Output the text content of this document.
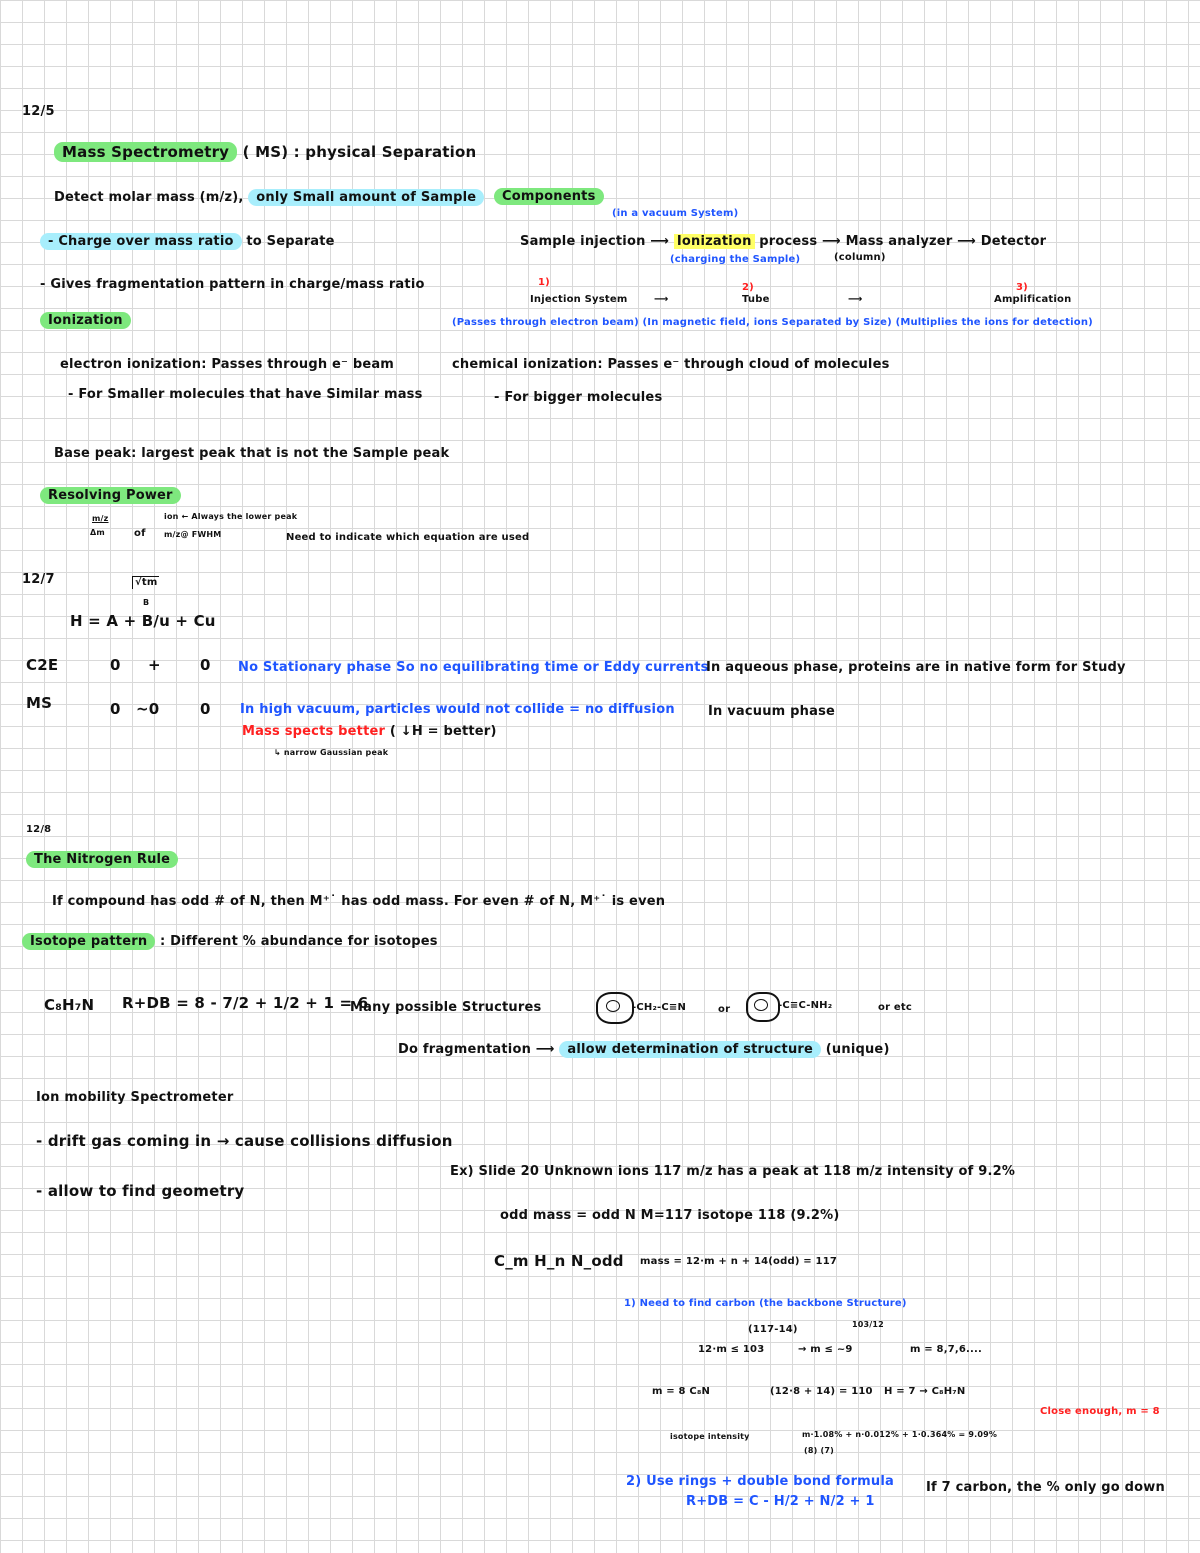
12/5
Mass Spectrometry ( MS) : physical Separation
Detect molar mass (m/z), only Small amount of Sample
- Charge over mass ratio to Separate
- Gives fragmentation pattern in charge/mass ratio
Ionization
electron ionization: Passes through e⁻ beam
- For Smaller molecules that have Similar mass
Components
(in a vacuum System)
Sample injection ⟶ Ionization process ⟶ Mass analyzer ⟶ Detector
(charging the Sample)	(column)
1)	2)	3)
Injection System	⟶	Tube	⟶	Amplification
(Passes through electron beam) (In magnetic field, ions Separated by Size) (Multiplies the ions for detection)
chemical ionization: Passes e⁻ through cloud of molecules
- For bigger molecules
Base peak: largest peak that is not the Sample peak
Resolving Power
m/z
Δm	of
ion ← Always the lower peak
m/z@ FWHM	Need to indicate which equation are used
12/7	√tm
B
H = A + B/u + Cu
C2E	0 +	0 No Stationary phase So no equilibrating time or Eddy currents
In aqueous phase, proteins are in native form for Study
MS	0 ~0	0 In high vacuum, particles would not collide = no diffusion	In vacuum phase
Mass spects better ( ↓H = better)
↳ narrow Gaussian peak
12/8
The Nitrogen Rule
If compound has odd # of N, then M⁺˙ has odd mass. For even # of N, M⁺˙ is even
Isotope pattern : Different % abundance for isotopes
C₈H₇N R+DB = 8 - 7/2 + 1/2 + 1 = 6
Many possible Structures	-CH₂-C≡N	or	-C≡C-NH₂	or etc
Do fragmentation ⟶ allow determination of structure (unique)
Ion mobility Spectrometer
- drift gas coming in → cause collisions diffusion
- allow to find geometry
Ex) Slide 20 Unknown ions 117 m/z has a peak at 118 m/z intensity of 9.2%
odd mass = odd N M=117 isotope 118 (9.2%)
C_m H_n N_odd mass = 12·m + n + 14(odd) = 117
1) Need to find carbon (the backbone Structure)
(117-14)	103/12
12·m ≤ 103	→ m ≤ ~9	m = 8,7,6....
m = 8 C₈N	(12·8 + 14) = 110 H = 7 → C₈H₇N
Close enough, m = 8
isotope intensity	m·1.08% + n·0.012% + 1·0.364% = 9.09%
(8) (7)
2) Use rings + double bond formula
R+DB = C - H/2 + N/2 + 1
If 7 carbon, the % only go down
